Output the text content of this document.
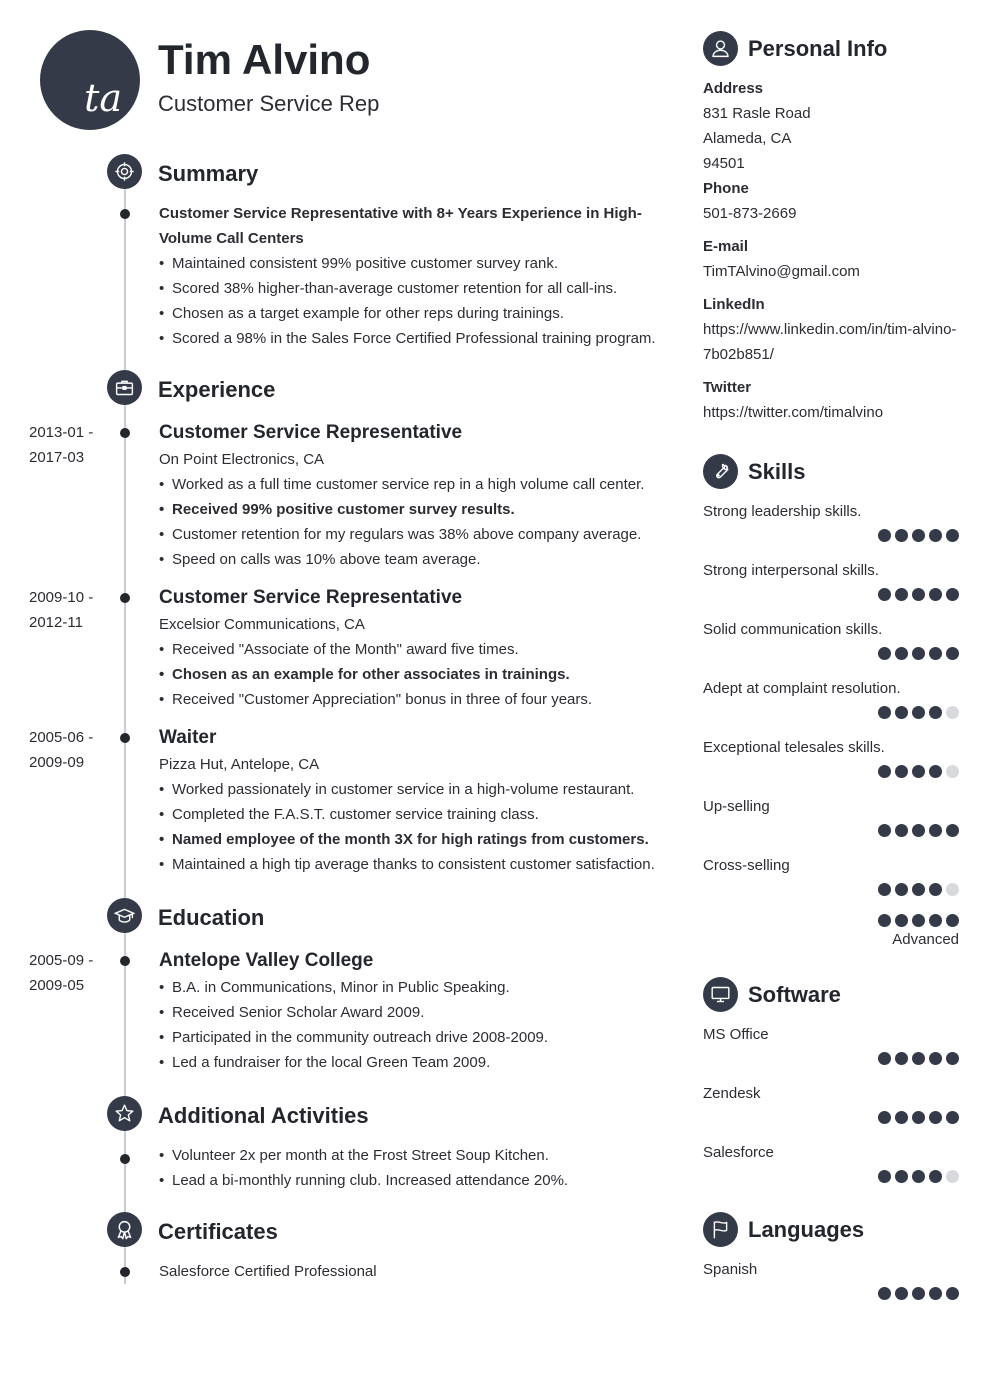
ta
Tim Alvino

Customer Service Rep

Summary

Customer Service Representative with 8+ Years Experience in High-Volume Call Centers

• Maintained consistent 99% positive customer survey rank.
• Scored 38% higher-than-average customer retention for all call-ins.
• Chosen as a target example for other reps during trainings.
• Scored a 98% in the Sales Force Certified Professional training program.
Experience
2013-01 -
2017-03

Customer Service Representative

On Point Electronics, CA

• Worked as a full time customer service rep in a high volume call center.
• Received 99% positive customer survey results.
• Customer retention for my regulars was 38% above company average.
• Speed on calls was 10% above team average.
2009-10 -
2012-11

Customer Service Representative

Excelsior Communications, CA

• Received "Associate of the Month" award five times.
• Chosen as an example for other associates in trainings.
• Received "Customer Appreciation" bonus in three of four years.
2005-06 -
2009-09

Waiter

Pizza Hut, Antelope, CA

• Worked passionately in customer service in a high-volume restaurant.
• Completed the F.A.S.T. customer service training class.
• Named employee of the month 3X for high ratings from customers.
• Maintained a high tip average thanks to consistent customer satisfaction.
Education
2005-09 -
2009-05

Antelope Valley College

• B.A. in Communications, Minor in Public Speaking.
• Received Senior Scholar Award 2009.
• Participated in the community outreach drive 2008-2009.
• Led a fundraiser for the local Green Team 2009.
Additional Activities
• Volunteer 2x per month at the Frost Street Soup Kitchen.
• Lead a bi-monthly running club. Increased attendance 20%.
Certificates

Salesforce Certified Professional

Personal Info

Address

831 Rasle Road

Alameda, CA

94501

Phone

501-873-2669

E-mail

TimTAlvino@gmail.com

LinkedIn

https://www.linkedin.com/in/tim-alvino-

7b02b851/

Twitter

https://twitter.com/timalvino

Skills

Strong leadership skills.

Strong interpersonal skills.

Solid communication skills.

Adept at complaint resolution.

Exceptional telesales skills.

Up-selling

Cross-selling

Advanced

Software

MS Office

Zendesk

Salesforce

Languages

Spanish
